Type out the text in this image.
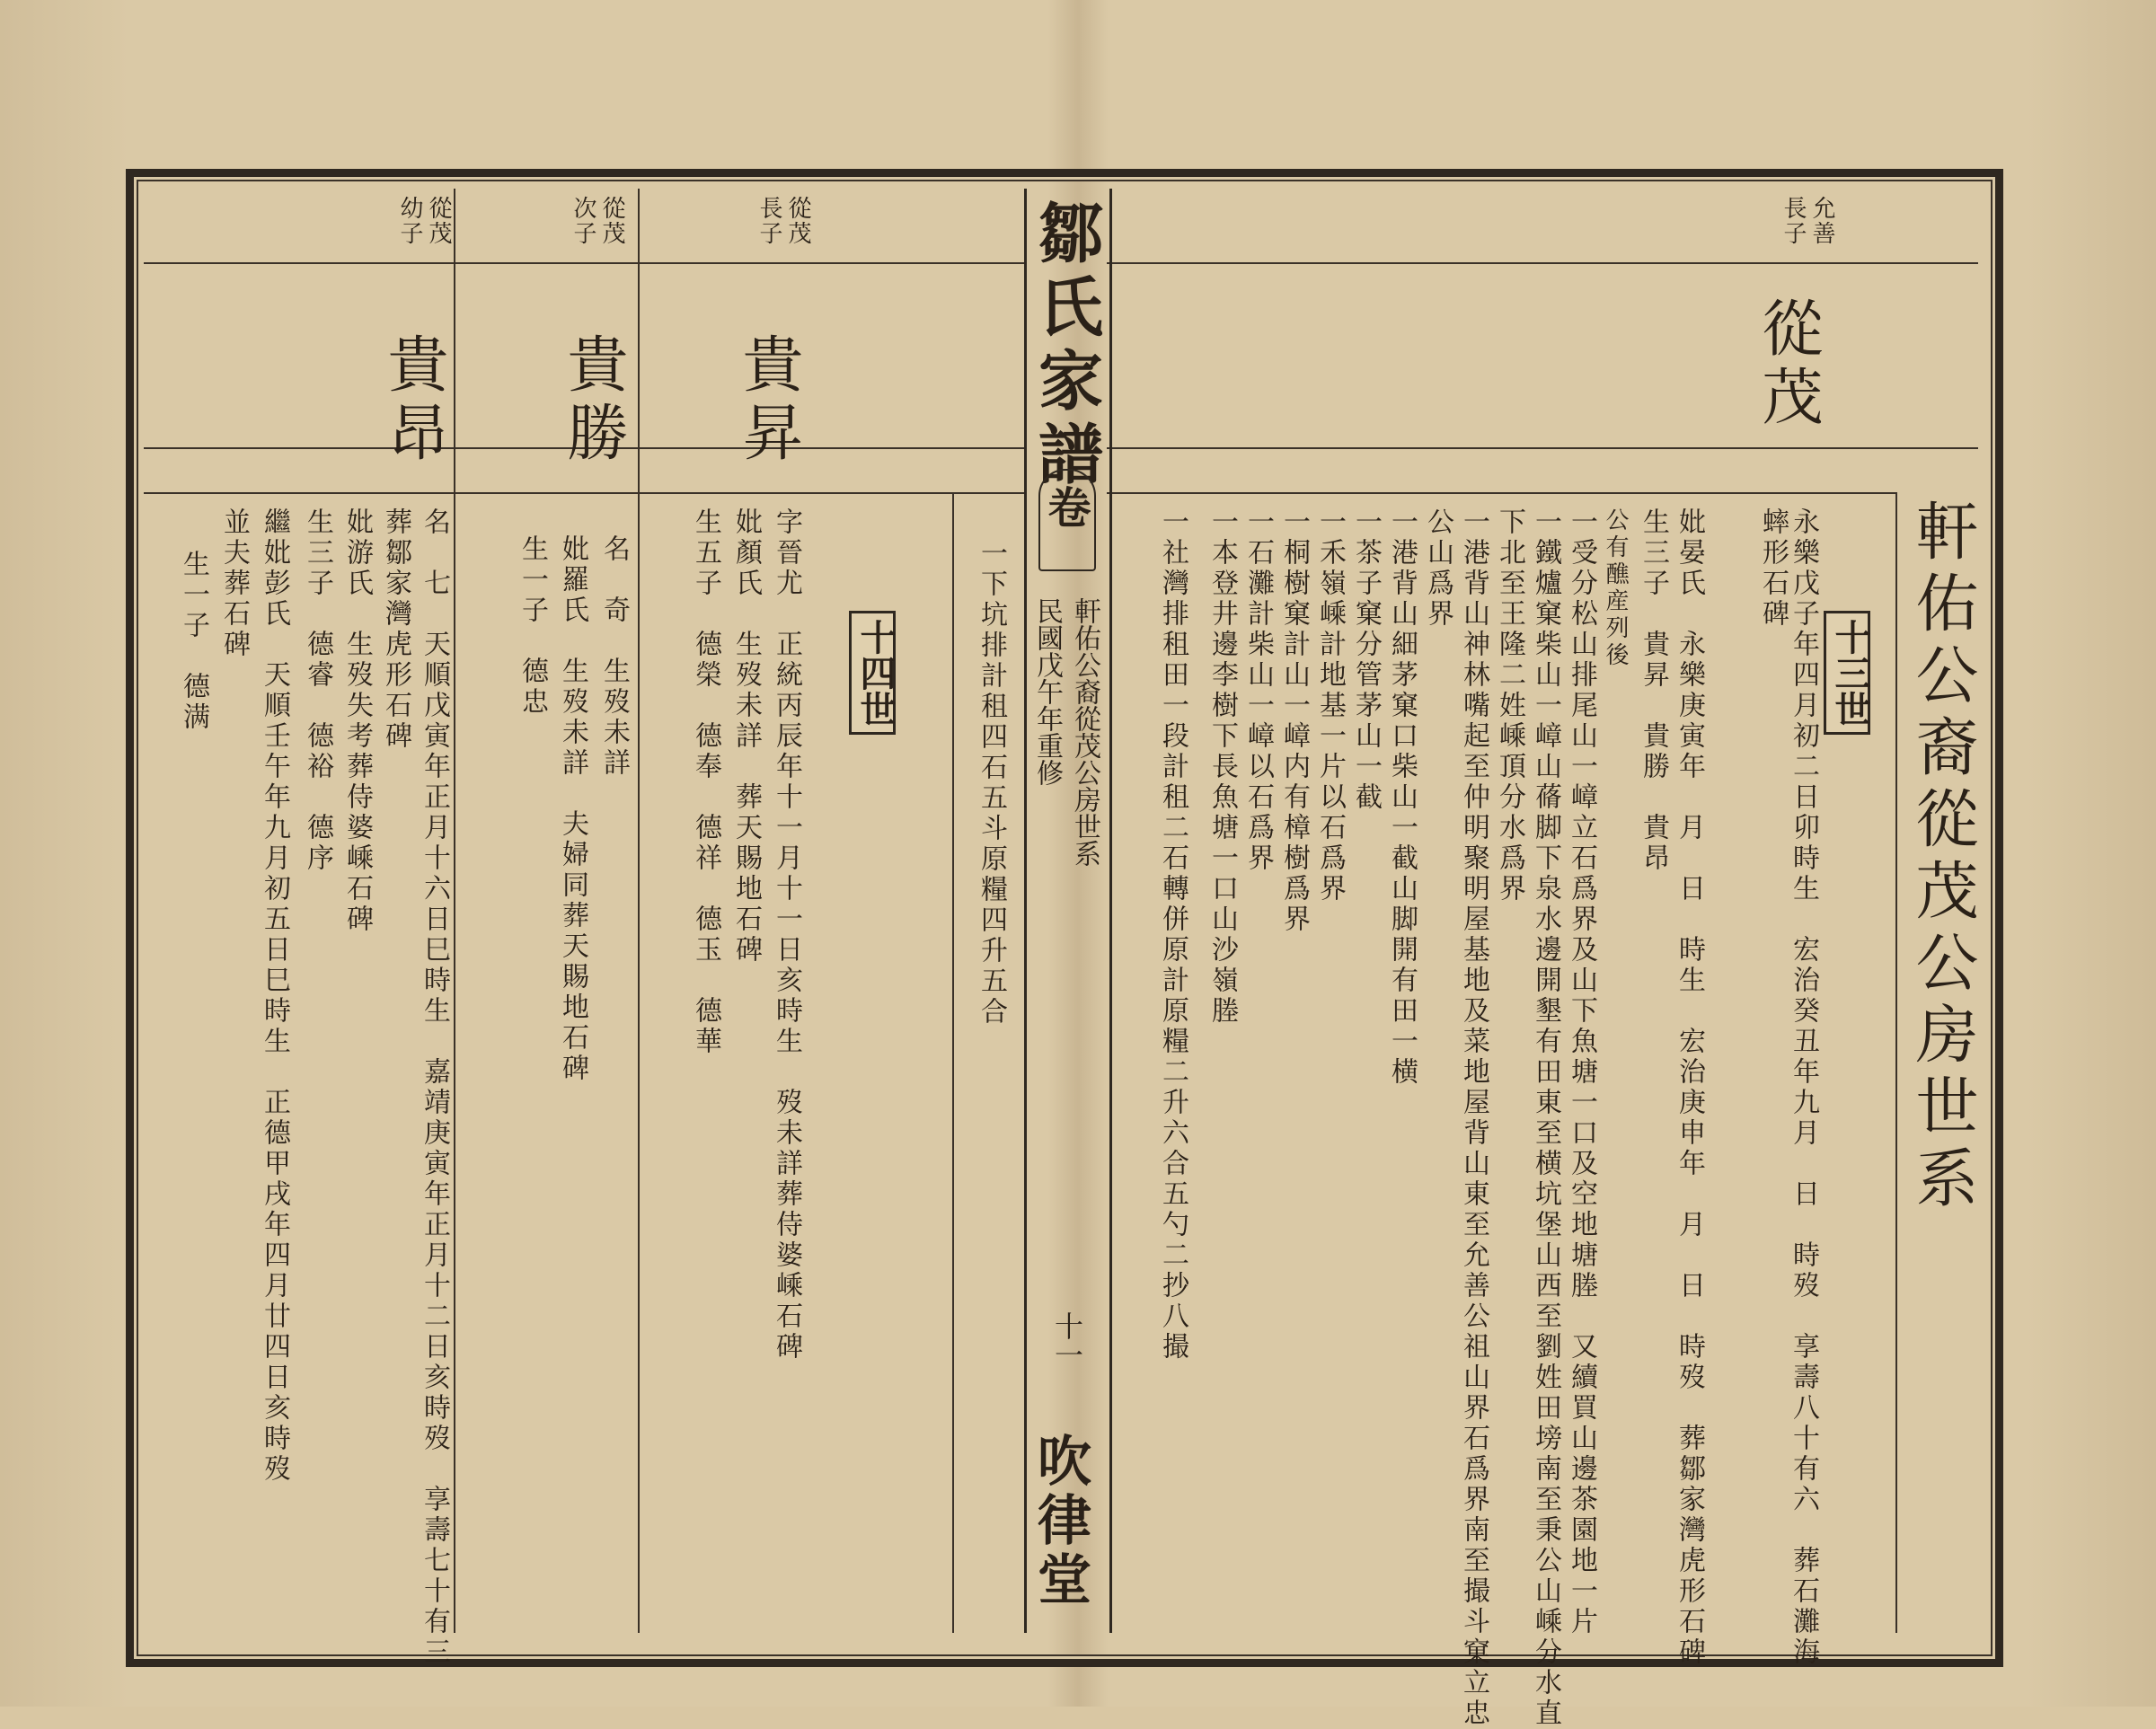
鄒氏家譜
卷
軒佑公裔從茂公房世系
民國戊午年重修
十一
吹律堂
允善
長子
從茂
軒佑公裔從茂公房世系
十三世
永樂戊子年四月初二日卯時生　宏治癸丑年九月　日　時歿　享壽八十有六　葬石灘海
蟀形石碑
妣晏氏　永樂庚寅年　月　日　時生　宏治庚申年　月　日　時歿　葬鄒家灣虎形石碑
生三子　貴昇　貴勝　貴昂
公有醮産列後
一受分松山排尾山一嶂立石爲界及山下魚塘一口及空地塘塍　又續買山邊茶園地一片
一鐵爐窠柴山一嶂山蓨脚下泉水邊開墾有田東至横坑堡山西至劉姓田塝南至秉公山嵊分水直
下北至王隆二姓嵊頂分水爲界
一港背山神林嘴起至仲明聚明屋基地及菜地屋背山東至允善公祖山界石爲界南至撮斗窠立忠
公山爲界
一港背山細茅窠口柴山一截山脚開有田一横
一茶子窠分管茅山一截
一禾嶺嵊計地基一片以石爲界
一桐樹窠計山一嶂内有樟樹爲界
一石灘計柴山一嶂以石爲界
一本登井邊李樹下長魚塘一口山沙嶺塍
一社灣排租田一段計租二石轉併原計原糧二升六合五勺二抄八撮
十四世	一下坑排計租四石五斗原糧四升五合
從茂
長子
貴昇
字晉尤　正統丙辰年十一月十一日亥時生　歿未詳葬侍婆嵊石碑
妣顏氏　生歿未詳　葬天賜地石碑
生五子　德榮　德奉　德祥　德玉　德華
從茂
次子
貴勝
名　奇　生歿未詳
妣羅氏　生歿未詳　夫婦同葬天賜地石碑
生一子　德忠
從茂
幼子
貴昂
名　七　天順戊寅年正月十六日巳時生　嘉靖庚寅年正月十二日亥時歿　享壽七十有三
葬鄒家灣虎形石碑
妣游氏　生歿失考葬侍婆嵊石碑
生三子　德睿　德裕　德序
繼妣彭氏　天順壬午年九月初五日巳時生　正德甲戌年四月廿四日亥時歿
並夫葬石碑
生一子　德满
